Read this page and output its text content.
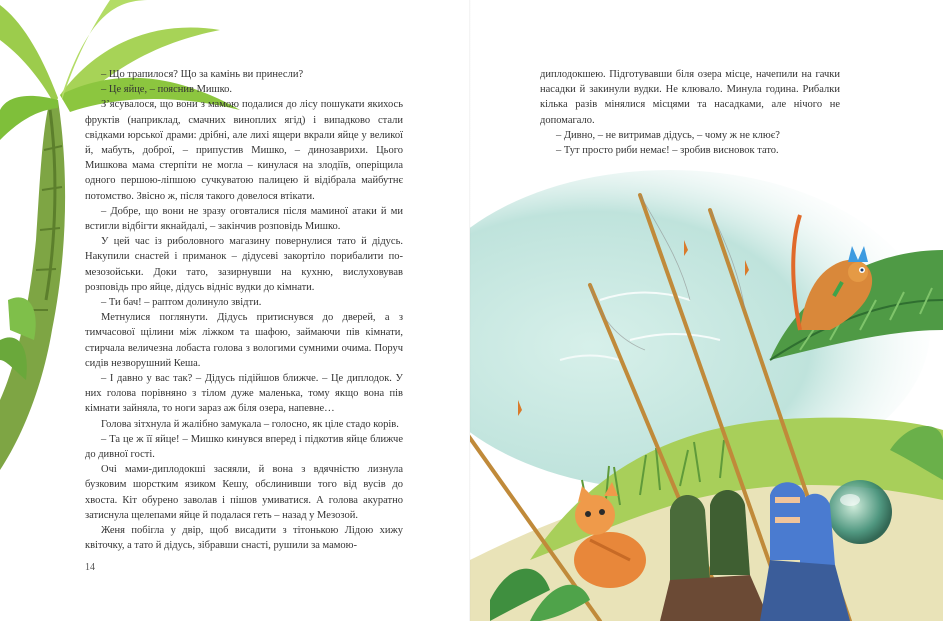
– Що трапилося? Що за камінь ви принесли?

– Це яйце, – пояснив Мишко.

З’ясувалося, що вони з мамою подалися до лісу пошукати якихось фруктів (наприклад, смачних виноплих ягід) і випадково стали свідками юрської драми: дрібні, але лихі ящери вкрали яйце у великої й, мабуть, доброї, – припустив Мишко, – динозаврихи. Цього Мишкова мама стерпіти не могла – кинулася на злодіїв, оперіщила одного першою-ліпшою сучкуватою палицею й відібрала майбутнє потомство. Звісно ж, після такого довелося втікати.

– Добре, що вони не зразу оговталися після маминої атаки й ми встигли відбігти якнайдалі, – закінчив розповідь Мишко.

У цей час із риболовного магазину повернулися тато й дідусь. Накупили снастей і приманок – дідусеві закортіло порибалити по-мезозойськи. Доки тато, зазирнувши на кухню, вислуховував розповідь про яйце, дідусь відніс вудки до кімнати.

– Ти бач! – раптом долинуло звідти.

Метнулися поглянути. Дідусь притиснувся до дверей, а з тимчасової щілини між ліжком та шафою, займаючи пів кімнати, стирчала величезна лобаста голова з вологими сумними очима. Поруч сидів незворушний Кеша.

– І давно у вас так? – Дідусь підійшов ближче. – Це диплодок. У них голова порівняно з тілом дуже маленька, тому якщо вона пів кімнати зайняла, то ноги зараз аж біля озера, напевне…

Голова зітхнула й жалібно замукала – голосно, як ціле стадо корів.

– Та це ж її яйце! – Мишко кинувся вперед і підкотив яйце ближче до дивної гості.

Очі мами-диплодокші засяяли, й вона з вдячністю лизнула бузковим шорстким язиком Кешу, обслинивши того від вусів до хвоста. Кіт обурено заволав і пішов умиватися. А голова акуратно затиснула щелепами яйце й подалася геть – назад у Мезозой.

Женя побігла у двір, щоб висадити з тітонькою Лідою хижу квіточку, а тато й дідусь, зібравши снасті, рушили за мамою-

14

диплодокшею. Підготувавши біля озера місце, начепили на гачки насадки й закинули вудки. Не клювало. Минула година. Рибалки кілька разів мінялися місцями та насадками, але нічого не допомагало.

– Дивно, – не витримав дідусь, – чому ж не клює?

– Тут просто риби немає! – зробив висновок тато.
